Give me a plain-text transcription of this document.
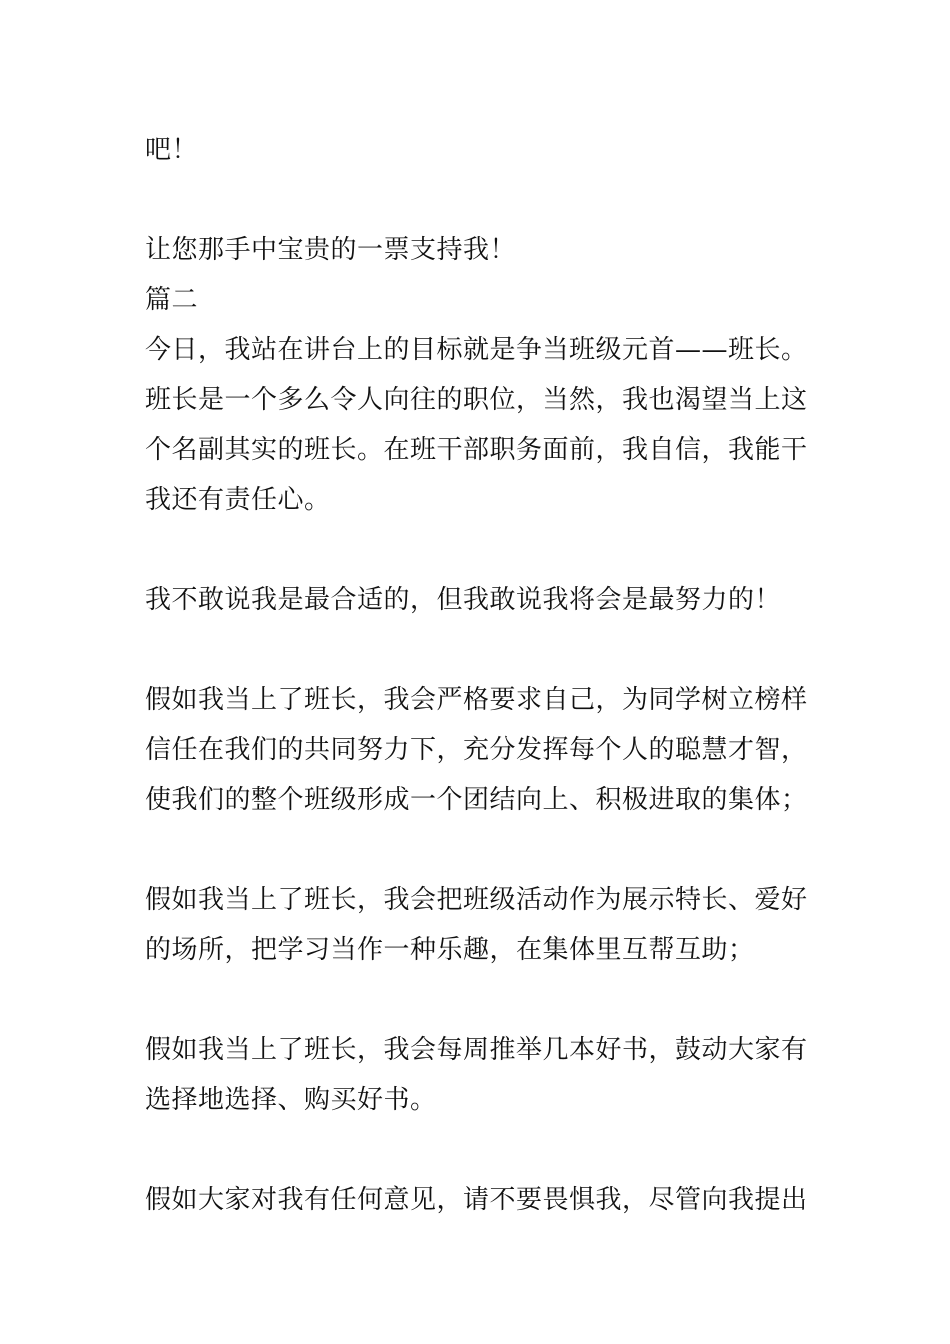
吧！
让您那手中宝贵的一票支持我！
篇二
今日，我站在讲台上的目标就是争当班级元首——班长。
班长是一个多么令人向往的职位，当然，我也渴望当上这
个名副其实的班长。在班干部职务面前，我自信，我能干
我还有责任心。
我不敢说我是最合适的，但我敢说我将会是最努力的！
假如我当上了班长，我会严格要求自己，为同学树立榜样
信任在我们的共同努力下，充分发挥每个人的聪慧才智，
使我们的整个班级形成一个团结向上、积极进取的集体；
假如我当上了班长，我会把班级活动作为展示特长、爱好
的场所，把学习当作一种乐趣，在集体里互帮互助；
假如我当上了班长，我会每周推举几本好书，鼓动大家有
选择地选择、购买好书。
假如大家对我有任何意见，请不要畏惧我，尽管向我提出
